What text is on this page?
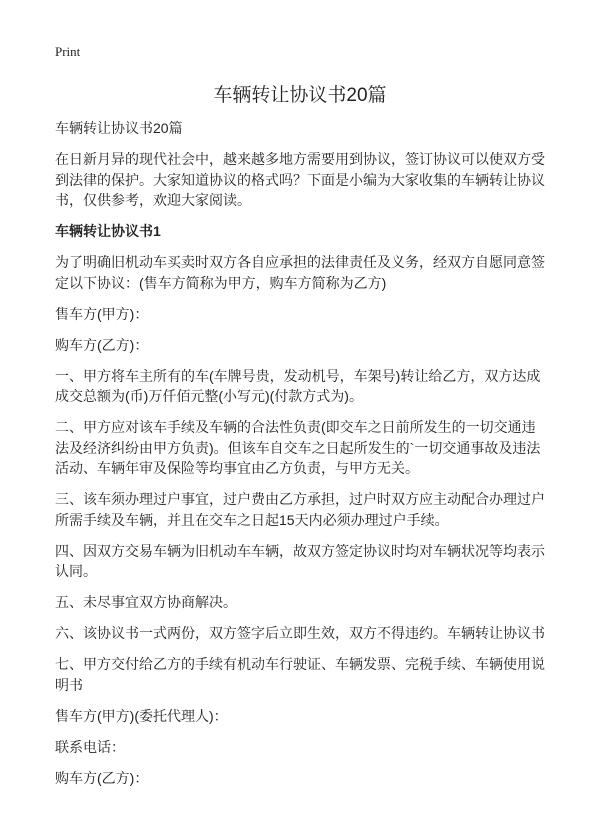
Print
车辆转让协议书20篇

车辆转让协议书20篇

在日新月异的现代社会中，越来越多地方需要用到协议，签订协议可以使双方受到法律的保护。大家知道协议的格式吗？下面是小编为大家收集的车辆转让协议书，仅供参考，欢迎大家阅读。

车辆转让协议书1

为了明确旧机动车买卖时双方各自应承担的法律责任及义务，经双方自愿同意签定以下协议：(售车方简称为甲方，购车方简称为乙方)

售车方(甲方)：

购车方(乙方)：

一、甲方将车主所有的车(车牌号贵，发动机号，车架号)转让给乙方，双方达成成交总额为(币)万仟佰元整(小写元)(付款方式为)。

二、甲方应对该车手续及车辆的合法性负责(即交车之日前所发生的一切交通违法及经济纠纷由甲方负责)。但该车自交车之日起所发生的`一切交通事故及违法活动、车辆年审及保险等均事宜由乙方负责，与甲方无关。

三、该车须办理过户事宜，过户费由乙方承担，过户时双方应主动配合办理过户所需手续及车辆，并且在交车之日起15天内必须办理过户手续。

四、因双方交易车辆为旧机动车车辆，故双方签定协议时均对车辆状况等均表示认同。

五、未尽事宜双方协商解决。

六、该协议书一式两份，双方签字后立即生效，双方不得违约。车辆转让协议书

七、甲方交付给乙方的手续有机动车行驶证、车辆发票、完税手续、车辆使用说明书

售车方(甲方)(委托代理人)：

联系电话：

购车方(乙方)：
